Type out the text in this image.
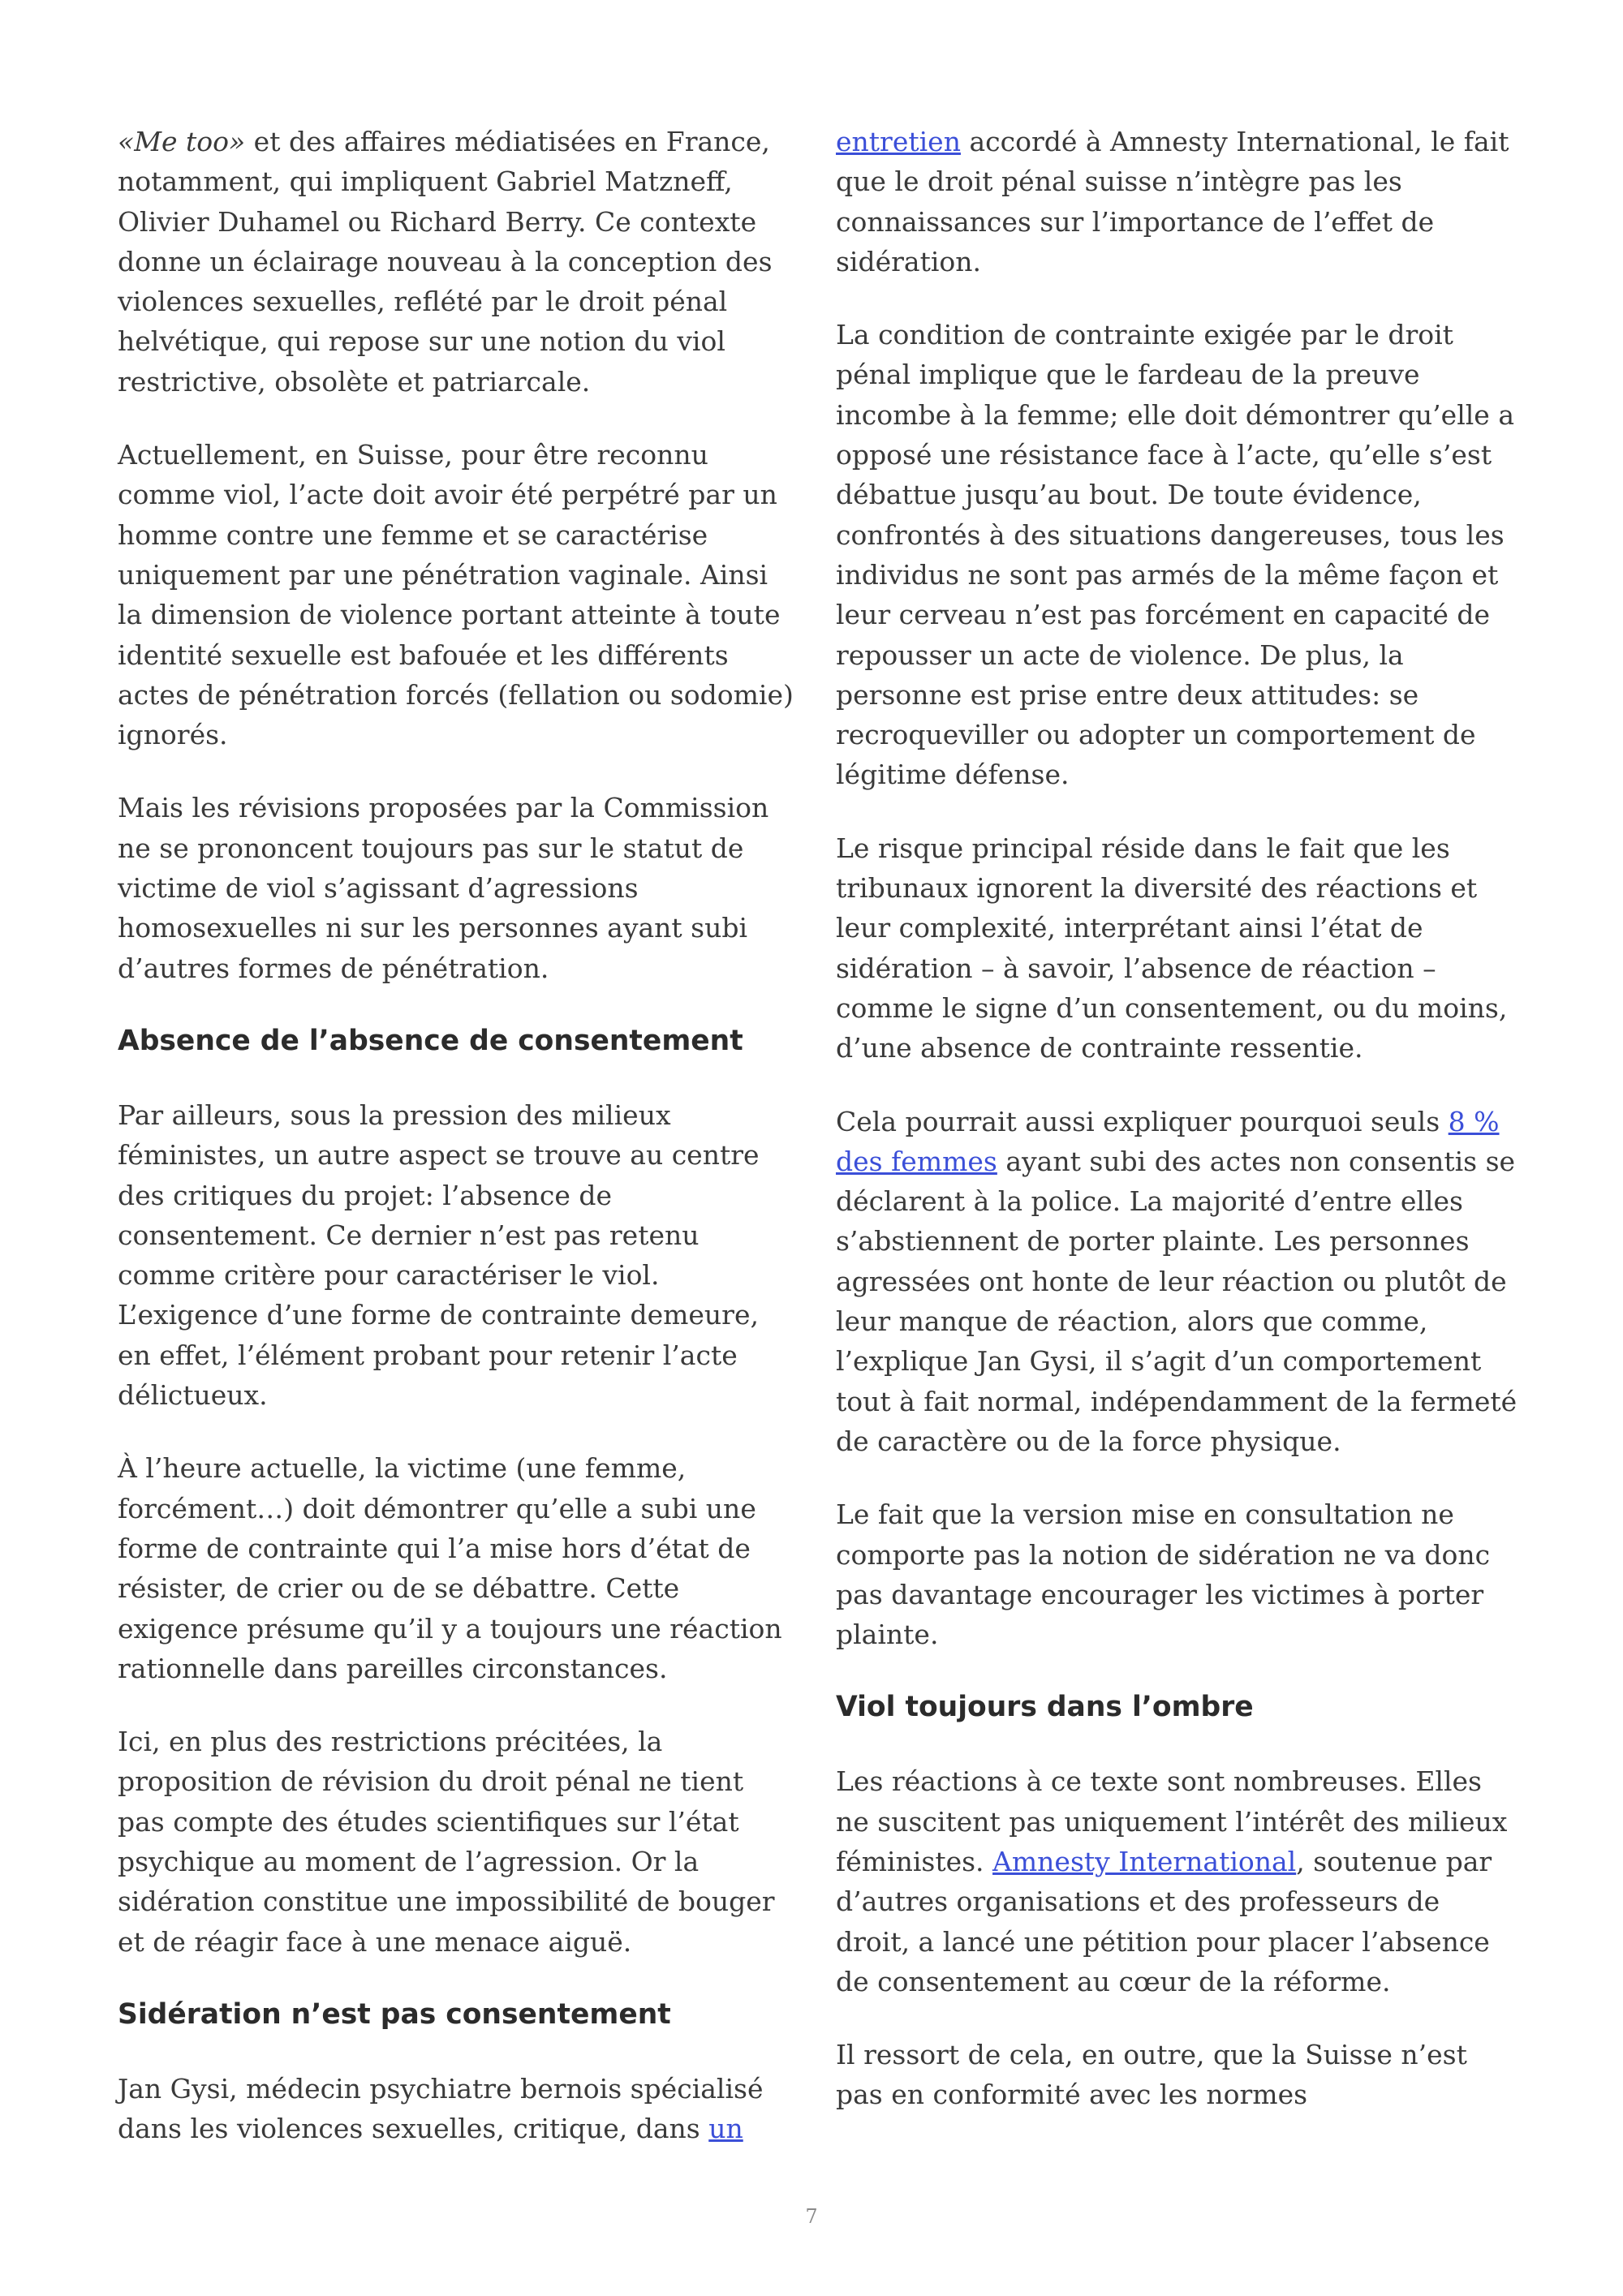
«Me too» et des affaires médiatisées en France, notamment, qui impliquent Gabriel Matzneff, Olivier Duhamel ou Richard Berry. Ce contexte donne un éclairage nouveau à la conception des violences sexuelles, reflété par le droit pénal helvétique, qui repose sur une notion du viol restrictive, obsolète et patriarcale.

Actuellement, en Suisse, pour être reconnu comme viol, l’acte doit avoir été perpétré par un homme contre une femme et se caractérise uniquement par une pénétration vaginale. Ainsi la dimension de violence portant atteinte à toute identité sexuelle est bafouée et les différents actes de pénétration forcés (fellation ou sodomie) ignorés.

Mais les révisions proposées par la Commission ne se prononcent toujours pas sur le statut de victime de viol s’agissant d’agressions homosexuelles ni sur les personnes ayant subi d’autres formes de pénétration.

Absence de l’absence de consentement

Par ailleurs, sous la pression des milieux féministes, un autre aspect se trouve au centre des critiques du projet: l’absence de consentement. Ce dernier n’est pas retenu comme critère pour caractériser le viol. L’exigence d’une forme de contrainte demeure, en effet, l’élément probant pour retenir l’acte délictueux.

À l’heure actuelle, la victime (une femme, forcément…) doit démontrer qu’elle a subi une forme de contrainte qui l’a mise hors d’état de résister, de crier ou de se débattre. Cette exigence présume qu’il y a toujours une réaction rationnelle dans pareilles circonstances.

Ici, en plus des restrictions précitées, la proposition de révision du droit pénal ne tient pas compte des études scientifiques sur l’état psychique au moment de l’agression. Or la sidération constitue une impossibilité de bouger et de réagir face à une menace aiguë.

Sidération n’est pas consentement

Jan Gysi, médecin psychiatre bernois spécialisé dans les violences sexuelles, critique, dans un

entretien accordé à Amnesty International, le fait que le droit pénal suisse n’intègre pas les connaissances sur l’importance de l’effet de sidération.

La condition de contrainte exigée par le droit pénal implique que le fardeau de la preuve incombe à la femme; elle doit démontrer qu’elle a opposé une résistance face à l’acte, qu’elle s’est débattue jusqu’au bout. De toute évidence, confrontés à des situations dangereuses, tous les individus ne sont pas armés de la même façon et leur cerveau n’est pas forcément en capacité de repousser un acte de violence. De plus, la personne est prise entre deux attitudes: se recroqueviller ou adopter un comportement de légitime défense.

Le risque principal réside dans le fait que les tribunaux ignorent la diversité des réactions et leur complexité, interprétant ainsi l’état de sidération – à savoir, l’absence de réaction – comme le signe d’un consentement, ou du moins, d’une absence de contrainte ressentie.

Cela pourrait aussi expliquer pourquoi seuls 8 % des femmes ayant subi des actes non consentis se déclarent à la police. La majorité d’entre elles s’abstiennent de porter plainte. Les personnes agressées ont honte de leur réaction ou plutôt de leur manque de réaction, alors que comme, l’explique Jan Gysi, il s’agit d’un comportement tout à fait normal, indépendamment de la fermeté de caractère ou de la force physique.

Le fait que la version mise en consultation ne comporte pas la notion de sidération ne va donc pas davantage encourager les victimes à porter plainte.

Viol toujours dans l’ombre

Les réactions à ce texte sont nombreuses. Elles ne suscitent pas uniquement l’intérêt des milieux féministes. Amnesty International, soutenue par d’autres organisations et des professeurs de droit, a lancé une pétition pour placer l’absence de consentement au cœur de la réforme.

Il ressort de cela, en outre, que la Suisse n’est pas en conformité avec les normes

7
